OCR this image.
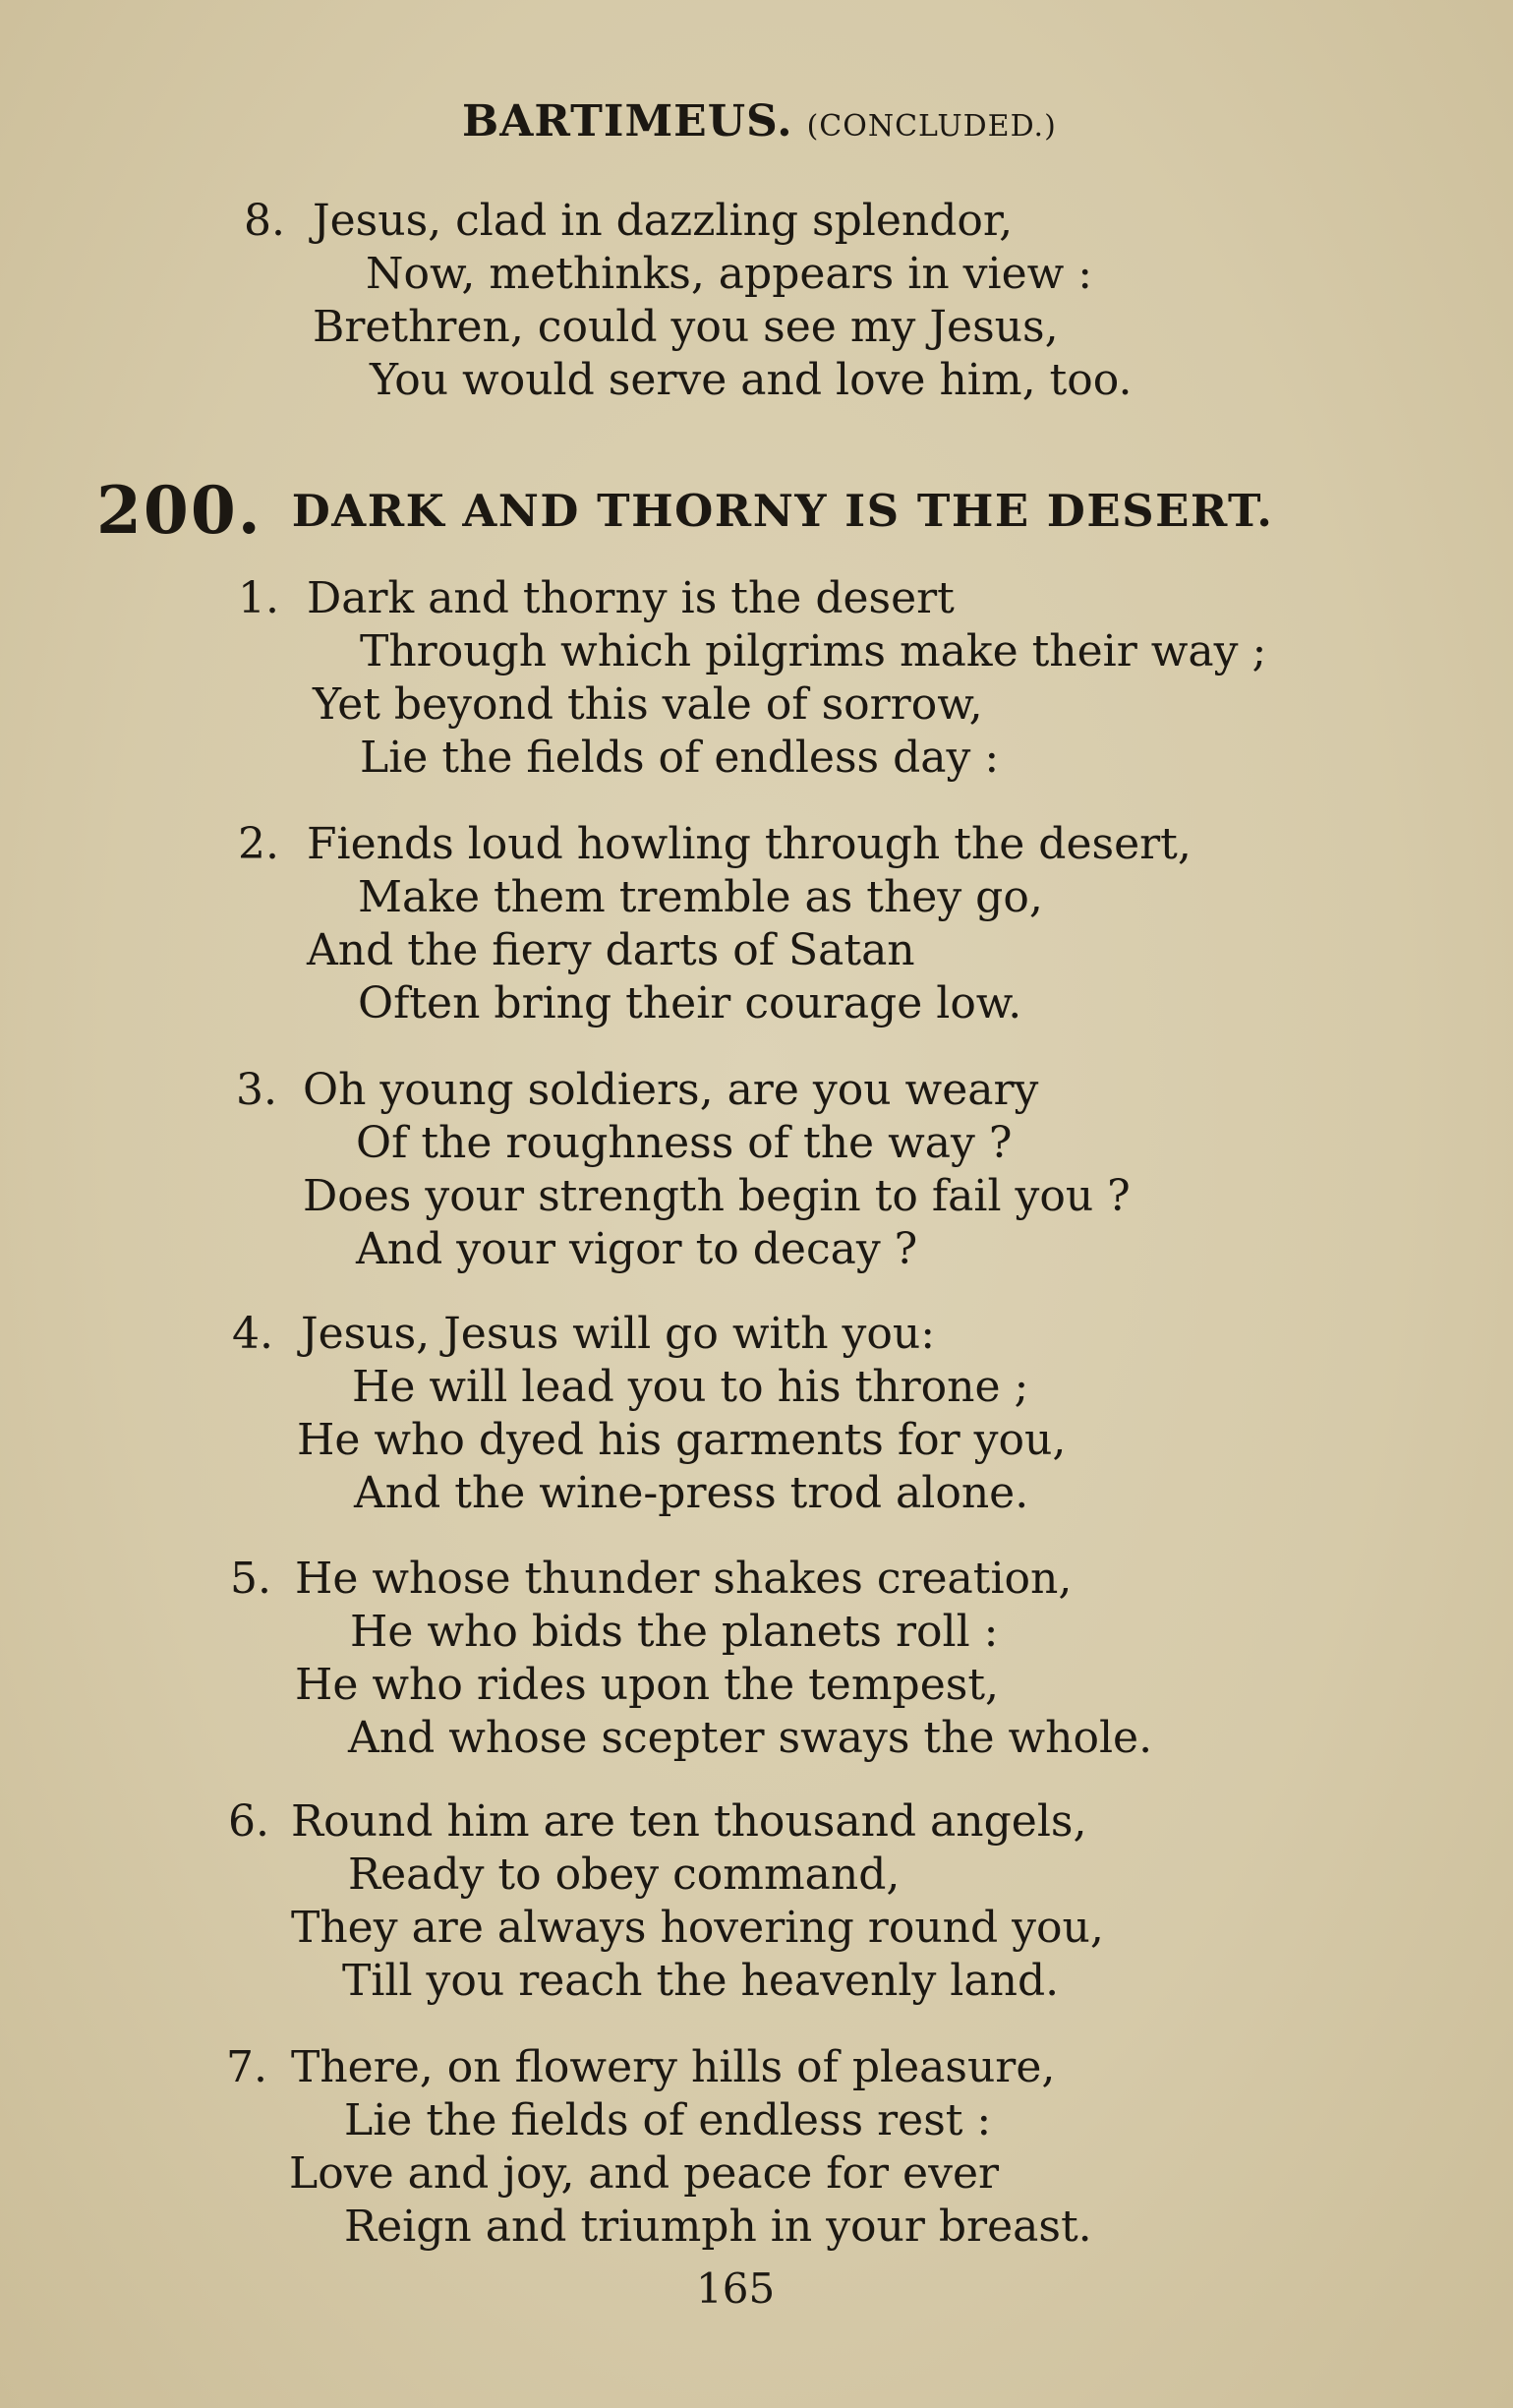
BARTIMEUS. (CONCLUDED.)
8. Jesus, clad in dazzling splendor,
Now, methinks, appears in view :
Brethren, could you see my Jesus,
You would serve and love him, too.
200. DARK AND THORNY IS THE DESERT.
1. Dark and thorny is the desert
Through which pilgrims make their way ;
Yet beyond this vale of sorrow,
Lie the fields of endless day :
2. Fiends loud howling through the desert,
Make them tremble as they go,
And the fiery darts of Satan
Often bring their courage low.
3. Oh young soldiers, are you weary
Of the roughness of the way ?
Does your strength begin to fail you ?
And your vigor to decay ?
4. Jesus, Jesus will go with you:
He will lead you to his throne ;
He who dyed his garments for you,
And the wine-press trod alone.
5. He whose thunder shakes creation,
He who bids the planets roll :
He who rides upon the tempest,
And whose scepter sways the whole.
6. Round him are ten thousand angels,
Ready to obey command,
They are always hovering round you,
Till you reach the heavenly land.
7. There, on flowery hills of pleasure,
Lie the fields of endless rest :
Love and joy, and peace for ever
Reign and triumph in your breast.
165
